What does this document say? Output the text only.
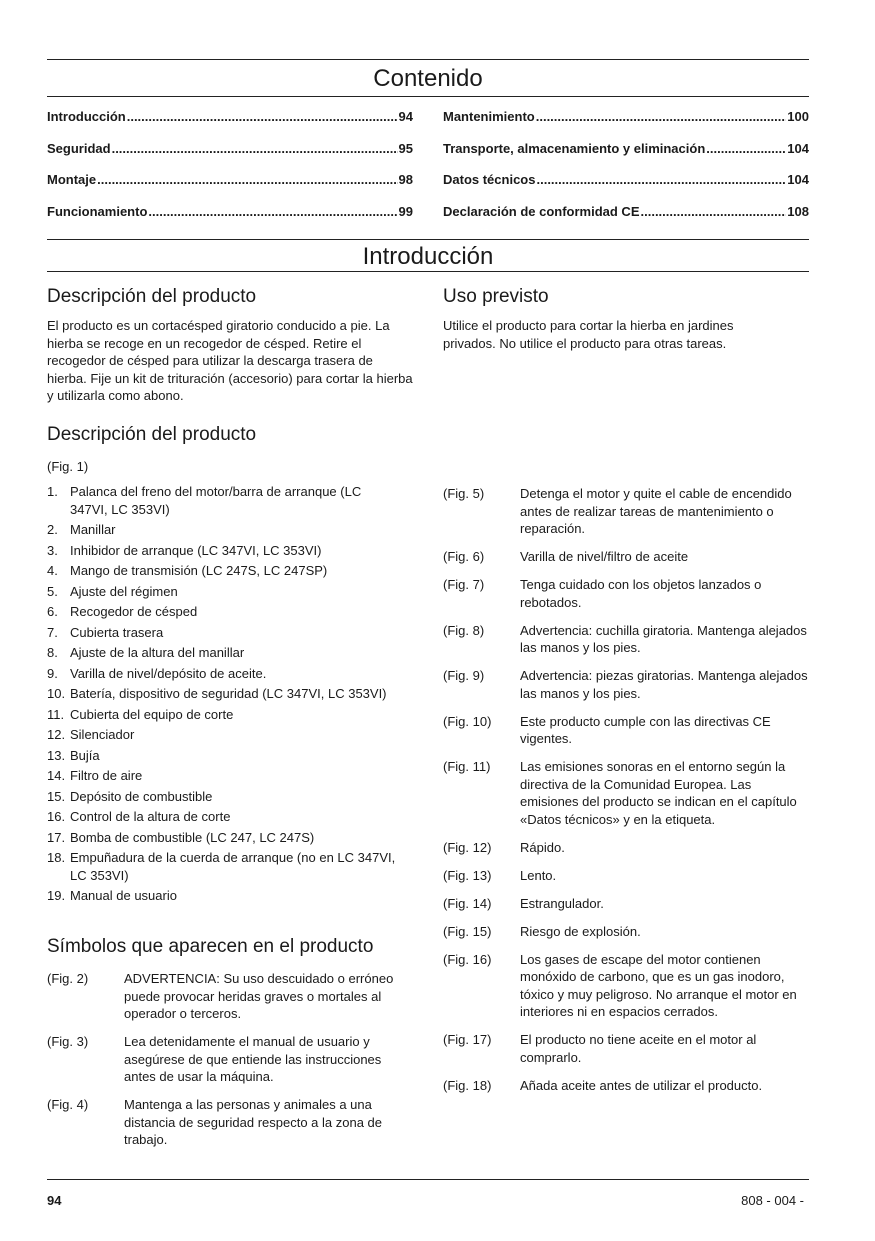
Contenido
Introducción .....	94
Seguridad .....	95
Montaje .....	98
Funcionamiento .....	99
Mantenimiento .....	100
Transporte, almacenamiento y eliminación .....	104
Datos técnicos .....	104
Declaración de conformidad CE .....	108
Introducción
Descripción del producto
El producto es un cortacésped giratorio conducido a pie. La hierba se recoge en un recogedor de césped. Retire el recogedor de césped para utilizar la descarga trasera de hierba. Fije un kit de trituración (accesorio) para cortar la hierba y utilizarla como abono.
Uso previsto
Utilice el producto para cortar la hierba en jardines privados. No utilice el producto para otras tareas.
Descripción del producto
(Fig. 1)
1. Palanca del freno del motor/barra de arranque (LC 347VI, LC 353VI)
2. Manillar
3. Inhibidor de arranque (LC 347VI, LC 353VI)
4. Mango de transmisión (LC 247S, LC 247SP)
5. Ajuste del régimen
6. Recogedor de césped
7. Cubierta trasera
8. Ajuste de la altura del manillar
9. Varilla de nivel/depósito de aceite.
10. Batería, dispositivo de seguridad (LC 347VI, LC 353VI)
11. Cubierta del equipo de corte
12. Silenciador
13. Bujía
14. Filtro de aire
15. Depósito de combustible
16. Control de la altura de corte
17. Bomba de combustible (LC 247, LC 247S)
18. Empuñadura de la cuerda de arranque (no en LC 347VI, LC 353VI)
19. Manual de usuario
Símbolos que aparecen en el producto
(Fig. 2)	ADVERTENCIA: Su uso descuidado o erróneo puede provocar heridas graves o mortales al operador o terceros.
(Fig. 3)	Lea detenidamente el manual de usuario y asegúrese de que entiende las instrucciones antes de usar la máquina.
(Fig. 4)	Mantenga a las personas y animales a una distancia de seguridad respecto a la zona de trabajo.
(Fig. 5)	Detenga el motor y quite el cable de encendido antes de realizar tareas de mantenimiento o reparación.
(Fig. 6)	Varilla de nivel/filtro de aceite
(Fig. 7)	Tenga cuidado con los objetos lanzados o rebotados.
(Fig. 8)	Advertencia: cuchilla giratoria. Mantenga alejados las manos y los pies.
(Fig. 9)	Advertencia: piezas giratorias. Mantenga alejados las manos y los pies.
(Fig. 10)	Este producto cumple con las directivas CE vigentes.
(Fig. 11)	Las emisiones sonoras en el entorno según la directiva de la Comunidad Europea. Las emisiones del producto se indican en el capítulo «Datos técnicos» y en la etiqueta.
(Fig. 12)	Rápido.
(Fig. 13)	Lento.
(Fig. 14)	Estrangulador.
(Fig. 15)	Riesgo de explosión.
(Fig. 16)	Los gases de escape del motor contienen monóxido de carbono, que es un gas inodoro, tóxico y muy peligroso. No arranque el motor en interiores ni en espacios cerrados.
(Fig. 17)	El producto no tiene aceite en el motor al comprarlo.
(Fig. 18)	Añada aceite antes de utilizar el producto.
94	808 - 004 -
